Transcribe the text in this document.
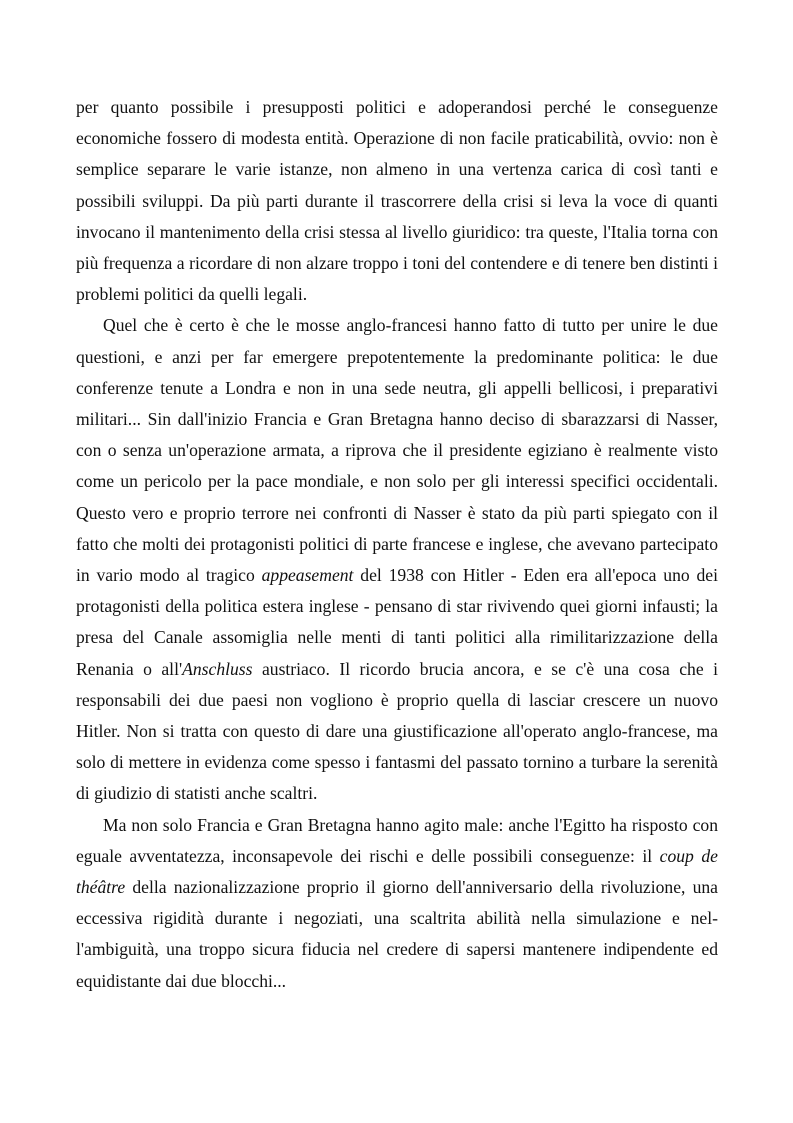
per quanto possibile i presupposti politici e adoperandosi perché le conseguenze economiche fossero di modesta entità. Operazione di non facile praticabilità, ovvio: non è semplice separare le varie istanze, non almeno in una vertenza carica di così tanti e possibili sviluppi. Da più parti durante il trascorrere della crisi si leva la voce di quanti invocano il mantenimento della crisi stessa al livello giuridico: tra queste, l'Italia torna con più frequenza a ricordare di non alzare troppo i toni del contendere e di tenere ben distinti i problemi politici da quelli legali.

Quel che è certo è che le mosse anglo-francesi hanno fatto di tutto per unire le due questioni, e anzi per far emergere prepotentemente la predominante politica: le due conferenze tenute a Londra e non in una sede neutra, gli appelli bellicosi, i preparativi militari... Sin dall'inizio Francia e Gran Bretagna hanno deciso di sbarazzarsi di Nasser, con o senza un'operazione armata, a riprova che il presidente egiziano è realmente visto come un pericolo per la pace mondiale, e non solo per gli interessi specifici occidentali. Questo vero e proprio terrore nei confronti di Nasser è stato da più parti spiegato con il fatto che molti dei protagonisti politici di parte francese e inglese, che avevano partecipato in vario modo al tragico appeasement del 1938 con Hitler - Eden era all'epoca uno dei protagonisti della politica estera inglese - pensano di star rivivendo quei giorni infausti; la presa del Canale assomiglia nelle menti di tanti politici alla rimilitarizzazione della Renania o all'Anschluss austriaco. Il ricordo brucia ancora, e se c'è una cosa che i responsabili dei due paesi non vogliono è proprio quella di lasciar crescere un nuovo Hitler. Non si tratta con questo di dare una giustificazione all'operato anglo-francese, ma solo di mettere in evidenza come spesso i fantasmi del passato tornino a turbare la serenità di giudizio di statisti anche scaltri.

Ma non solo Francia e Gran Bretagna hanno agito male: anche l'Egitto ha risposto con eguale avventatezza, inconsapevole dei rischi e delle possibili conseguenze: il coup de théâtre della nazionalizzazione proprio il giorno dell'anniversario della rivoluzione, una eccessiva rigidità durante i negoziati, una scaltrita abilità nella simulazione e nel-l'ambiguità, una troppo sicura fiducia nel credere di sapersi mantenere indipendente ed equidistante dai due blocchi...
